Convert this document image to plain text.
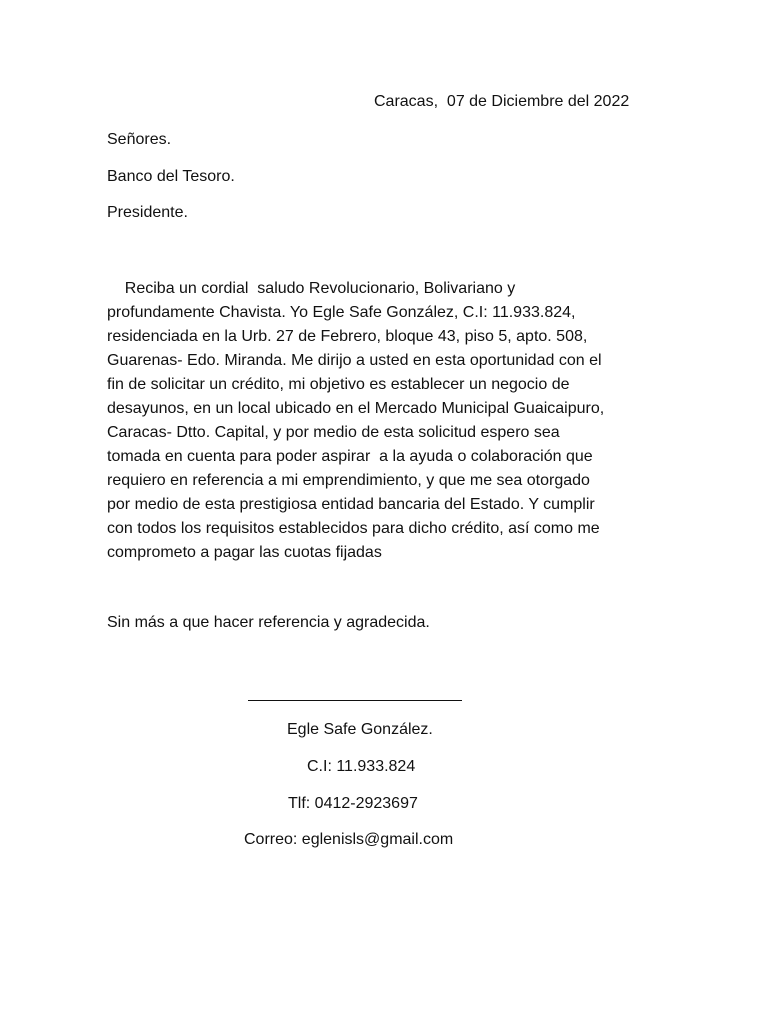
Caracas,  07 de Diciembre del 2022
Señores.
Banco del Tesoro.
Presidente.
Reciba un cordial  saludo Revolucionario, Bolivariano y
profundamente Chavista. Yo Egle Safe González, C.I: 11.933.824,
residenciada en la Urb. 27 de Febrero, bloque 43, piso 5, apto. 508,
Guarenas- Edo. Miranda. Me dirijo a usted en esta oportunidad con el
fin de solicitar un crédito, mi objetivo es establecer un negocio de
desayunos, en un local ubicado en el Mercado Municipal Guaicaipuro,
Caracas- Dtto. Capital, y por medio de esta solicitud espero sea
tomada en cuenta para poder aspirar  a la ayuda o colaboración que
requiero en referencia a mi emprendimiento, y que me sea otorgado
por medio de esta prestigiosa entidad bancaria del Estado. Y cumplir
con todos los requisitos establecidos para dicho crédito, así como me
comprometo a pagar las cuotas fijadas
Sin más a que hacer referencia y agradecida.
Egle Safe González.
C.I: 11.933.824
Tlf: 0412-2923697
Correo: eglenisls@gmail.com
